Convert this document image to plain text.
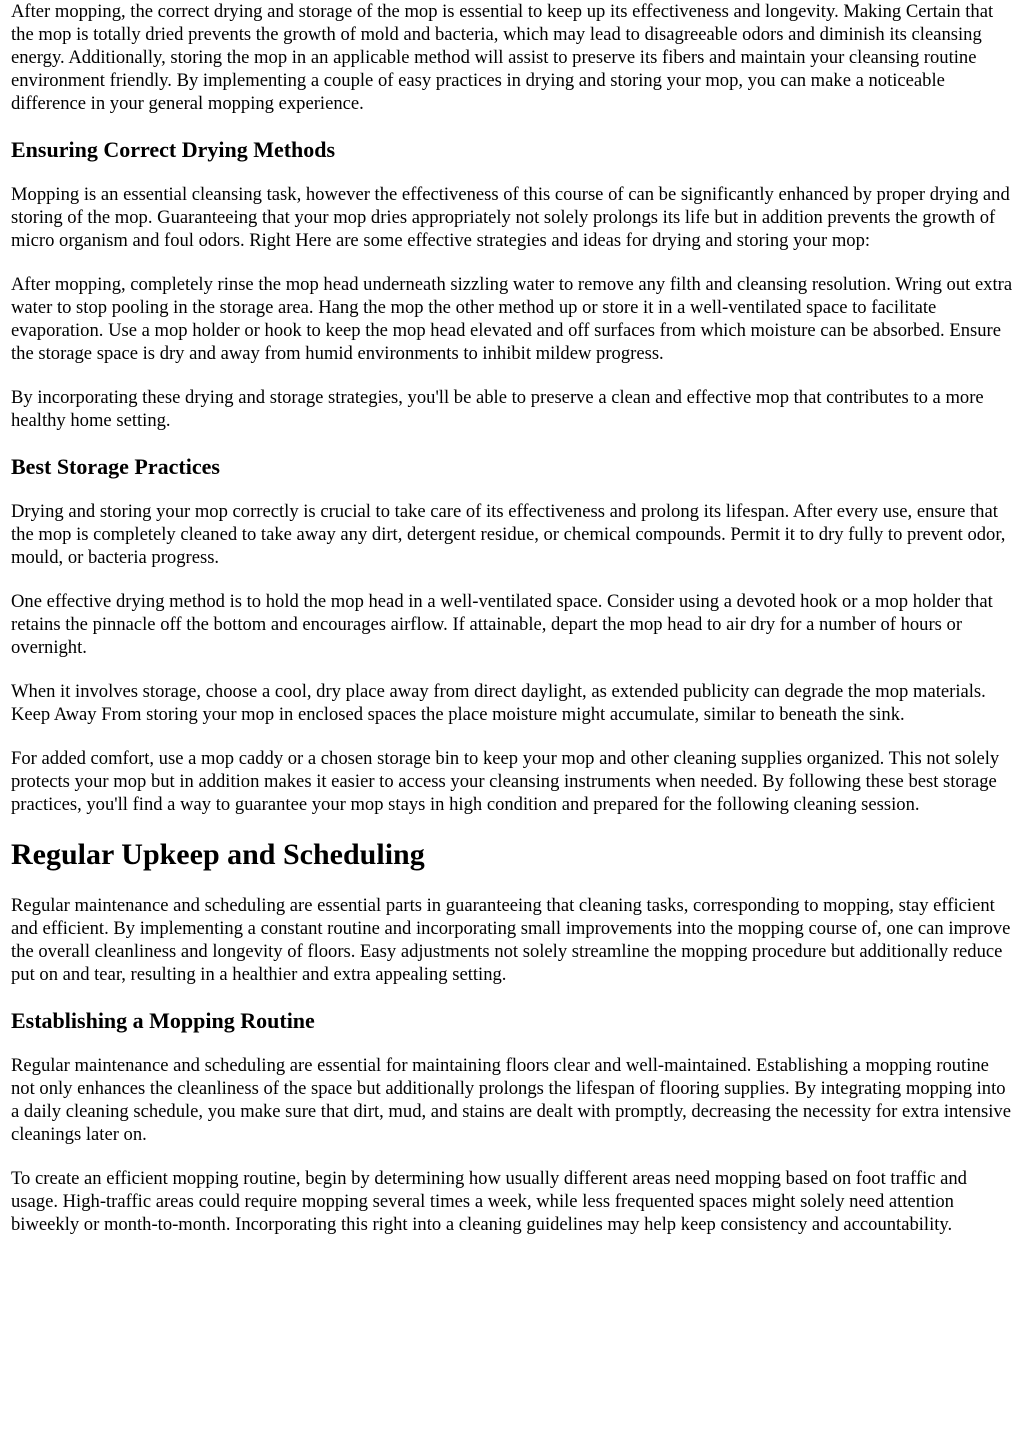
After mopping, the correct drying and storage of the mop is essential to keep up its effectiveness and longevity. Making Certain that the mop is totally dried prevents the growth of mold and bacteria, which may lead to disagreeable odors and diminish its cleansing energy. Additionally, storing the mop in an applicable method will assist to preserve its fibers and maintain your cleansing routine environment friendly. By implementing a couple of easy practices in drying and storing your mop, you can make a noticeable difference in your general mopping experience.

Ensuring Correct Drying Methods

Mopping is an essential cleansing task, however the effectiveness of this course of can be significantly enhanced by proper drying and storing of the mop. Guaranteeing that your mop dries appropriately not solely prolongs its life but in addition prevents the growth of micro organism and foul odors. Right Here are some effective strategies and ideas for drying and storing your mop:

After mopping, completely rinse the mop head underneath sizzling water to remove any filth and cleansing resolution. Wring out extra water to stop pooling in the storage area. Hang the mop the other method up or store it in a well-ventilated space to facilitate evaporation. Use a mop holder or hook to keep the mop head elevated and off surfaces from which moisture can be absorbed. Ensure the storage space is dry and away from humid environments to inhibit mildew progress.

By incorporating these drying and storage strategies, you'll be able to preserve a clean and effective mop that contributes to a more healthy home setting.

Best Storage Practices

Drying and storing your mop correctly is crucial to take care of its effectiveness and prolong its lifespan. After every use, ensure that the mop is completely cleaned to take away any dirt, detergent residue, or chemical compounds. Permit it to dry fully to prevent odor, mould, or bacteria progress.

One effective drying method is to hold the mop head in a well-ventilated space. Consider using a devoted hook or a mop holder that retains the pinnacle off the bottom and encourages airflow. If attainable, depart the mop head to air dry for a number of hours or overnight.

When it involves storage, choose a cool, dry place away from direct daylight, as extended publicity can degrade the mop materials. Keep Away From storing your mop in enclosed spaces the place moisture might accumulate, similar to beneath the sink.

For added comfort, use a mop caddy or a chosen storage bin to keep your mop and other cleaning supplies organized. This not solely protects your mop but in addition makes it easier to access your cleansing instruments when needed. By following these best storage practices, you'll find a way to guarantee your mop stays in high condition and prepared for the following cleaning session.

Regular Upkeep and Scheduling

Regular maintenance and scheduling are essential parts in guaranteeing that cleaning tasks, corresponding to mopping, stay efficient and efficient. By implementing a constant routine and incorporating small improvements into the mopping course of, one can improve the overall cleanliness and longevity of floors. Easy adjustments not solely streamline the mopping procedure but additionally reduce put on and tear, resulting in a healthier and extra appealing setting.

Establishing a Mopping Routine

Regular maintenance and scheduling are essential for maintaining floors clear and well-maintained. Establishing a mopping routine not only enhances the cleanliness of the space but additionally prolongs the lifespan of flooring supplies. By integrating mopping into a daily cleaning schedule, you make sure that dirt, mud, and stains are dealt with promptly, decreasing the necessity for extra intensive cleanings later on.

To create an efficient mopping routine, begin by determining how usually different areas need mopping based on foot traffic and usage. High-traffic areas could require mopping several times a week, while less frequented spaces might solely need attention biweekly or month-to-month. Incorporating this right into a cleaning guidelines may help keep consistency and accountability.
